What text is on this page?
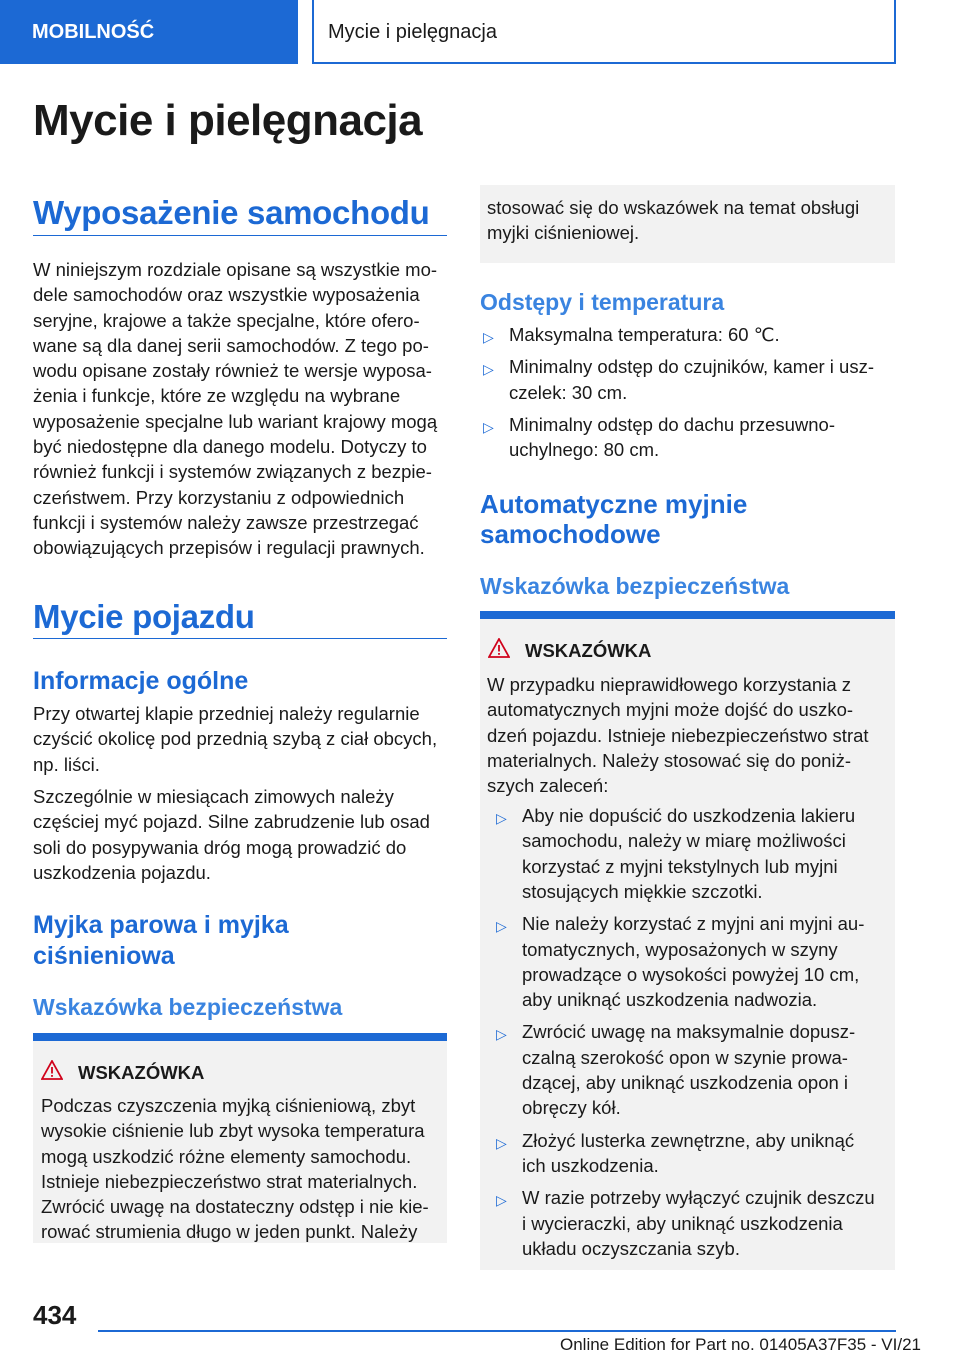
MOBILNOŚĆ	Mycie i pielęgnacja
Mycie i pielęgnacja
Wyposażenie samochodu
W niniejszym rozdziale opisane są wszystkie mo-
dele samochodów oraz wszystkie wyposażenia
seryjne, krajowe a także specjalne, które ofero-
wane są dla danej serii samochodów. Z tego po-
wodu opisane zostały również te wersje wyposa-
żenia i funkcje, które ze względu na wybrane
wyposażenie specjalne lub wariant krajowy mogą
być niedostępne dla danego modelu. Dotyczy to
również funkcji i systemów związanych z bezpie-
czeństwem. Przy korzystaniu z odpowiednich
funkcji i systemów należy zawsze przestrzegać
obowiązujących przepisów i regulacji prawnych.
Mycie pojazdu
Informacje ogólne
Przy otwartej klapie przedniej należy regularnie
czyścić okolicę pod przednią szybą z ciał obcych,
np. liści.
Szczególnie w miesiącach zimowych należy
częściej myć pojazd. Silne zabrudzenie lub osad
soli do posypywania dróg mogą prowadzić do
uszkodzenia pojazdu.
Myjka parowa i myjka
ciśnieniowa
Wskazówka bezpieczeństwa
WSKAZÓWKA
Podczas czyszczenia myjką ciśnieniową, zbyt
wysokie ciśnienie lub zbyt wysoka temperatura
mogą uszkodzić różne elementy samochodu.
Istnieje niebezpieczeństwo strat materialnych.
Zwrócić uwagę na dostateczny odstęp i nie kie-
rować strumienia długo w jeden punkt. Należy
stosować się do wskazówek na temat obsługi
myjki ciśnieniowej.
Odstępy i temperatura
▷ Maksymalna temperatura: 60 ℃.
▷ Minimalny odstęp do czujników, kamer i usz-
czelek: 30 cm.
▷ Minimalny odstęp do dachu przesuwno-
uchylnego: 80 cm.
Automatyczne myjnie
samochodowe
Wskazówka bezpieczeństwa
WSKAZÓWKA
W przypadku nieprawidłowego korzystania z
automatycznych myjni może dojść do uszko-
dzeń pojazdu. Istnieje niebezpieczeństwo strat
materialnych. Należy stosować się do poniż-
szych zaleceń:
▷ Aby nie dopuścić do uszkodzenia lakieru
samochodu, należy w miarę możliwości
korzystać z myjni tekstylnych lub myjni
stosujących miękkie szczotki.
▷ Nie należy korzystać z myjni ani myjni au-
tomatycznych, wyposażonych w szyny
prowadzące o wysokości powyżej 10 cm,
aby uniknąć uszkodzenia nadwozia.
▷ Zwrócić uwagę na maksymalnie dopusz-
czalną szerokość opon w szynie prowa-
dzącej, aby uniknąć uszkodzenia opon i
obręczy kół.
▷ Złożyć lusterka zewnętrzne, aby uniknąć
ich uszkodzenia.
▷ W razie potrzeby wyłączyć czujnik deszczu
i wycieraczki, aby uniknąć uszkodzenia
układu oczyszczania szyb.
434
Online Edition for Part no. 01405A37F35 - VI/21
